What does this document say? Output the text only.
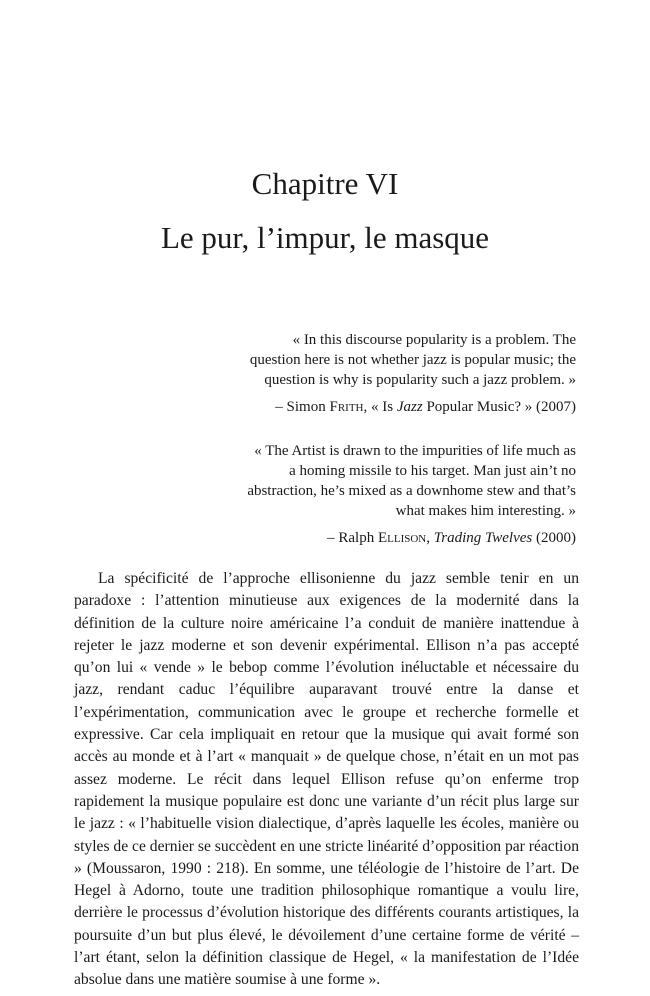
Chapitre VI
Le pur, l’impur, le masque

« In this discourse popularity is a problem. The question here is not whether jazz is popular music; the question is why is popularity such a jazz problem. »

– Simon Frith, « Is Jazz Popular Music? » (2007)

« The Artist is drawn to the impurities of life much as a homing missile to his target. Man just ain’t no abstraction, he’s mixed as a downhome stew and that’s what makes him interesting. »

– Ralph Ellison, Trading Twelves (2000)

La spécificité de l’approche ellisonienne du jazz semble tenir en un paradoxe : l’attention minutieuse aux exigences de la modernité dans la définition de la culture noire américaine l’a conduit de manière inattendue à rejeter le jazz moderne et son devenir expérimental. Ellison n’a pas accepté qu’on lui « vende » le bebop comme l’évolution inéluctable et nécessaire du jazz, rendant caduc l’équilibre auparavant trouvé entre la danse et l’expérimentation, communication avec le groupe et recherche formelle et expressive. Car cela impliquait en retour que la musique qui avait formé son accès au monde et à l’art « manquait » de quelque chose, n’était en un mot pas assez moderne. Le récit dans lequel Ellison refuse qu’on enferme trop rapidement la musique populaire est donc une variante d’un récit plus large sur le jazz : « l’habituelle vision dialectique, d’après laquelle les écoles, manière ou styles de ce dernier se succèdent en une stricte linéarité d’opposition par réaction » (Moussaron, 1990 : 218). En somme, une téléologie de l’histoire de l’art. De Hegel à Adorno, toute une tradition philosophique romantique a voulu lire, derrière le processus d’évolution historique des différents courants artistiques, la poursuite d’un but plus élevé, le dévoilement d’une certaine forme de vérité – l’art étant, selon la définition classique de Hegel, « la manifestation de l’Idée absolue dans une matière soumise à une forme ».
